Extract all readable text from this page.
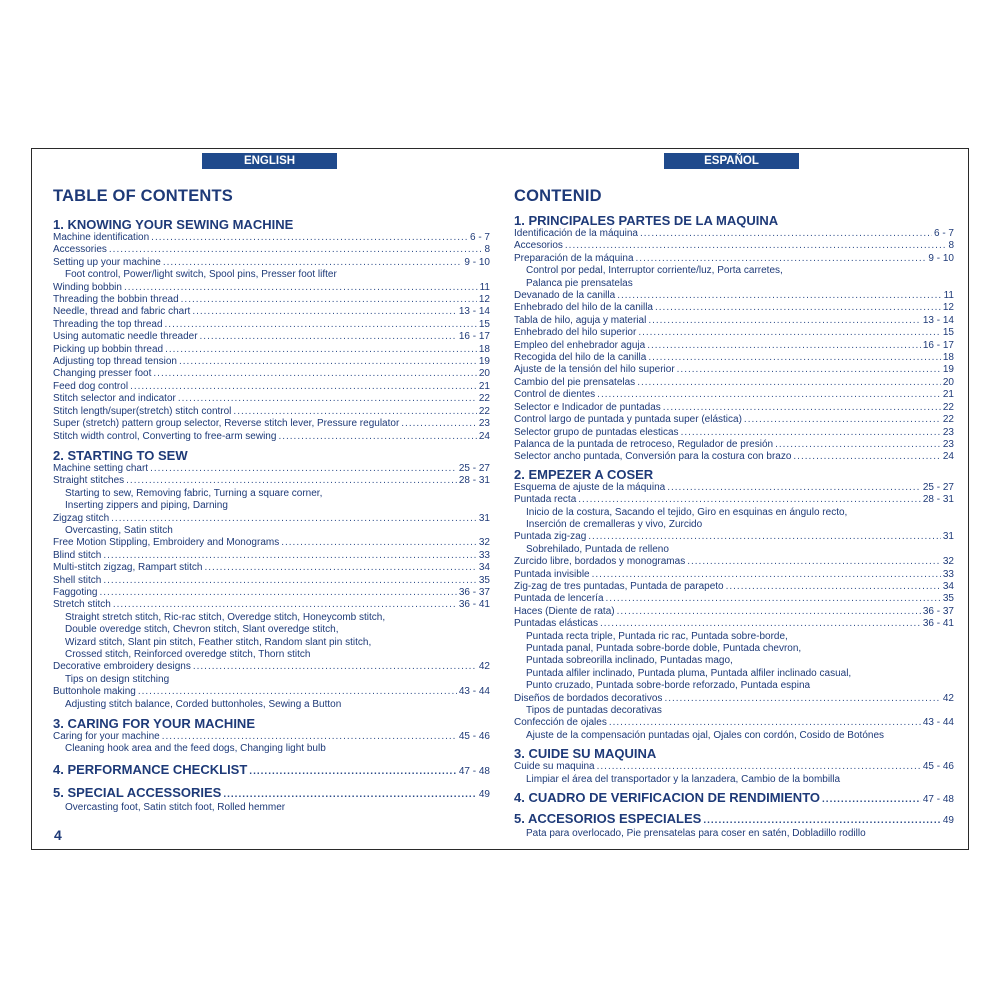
ENGLISH	ESPAÑOL
TABLE OF CONTENTS	CONTENID
1. KNOWING YOUR SEWING MACHINE
Machine identification .....	6 - 7
Accessories .....	8
Setting up your machine .....	9 - 10
Foot control, Power/light switch, Spool pins, Presser foot lifter
Winding bobbin .....	11
Threading the bobbin thread .....	12
Needle, thread and fabric chart .....	13 - 14
Threading the top thread .....	15
Using automatic needle threader .....	16 - 17
Picking up bobbin thread .....	18
Adjusting top thread tension .....	19
Changing presser foot .....	20
Feed dog control .....	21
Stitch selector and indicator .....	22
Stitch length/super(stretch) stitch control .....	22
Super (stretch) pattern group selector, Reverse stitch lever, Pressure regulator .....	23
Stitch width control, Converting to free-arm sewing .....	24
2. STARTING TO SEW
Machine setting chart .....	25 - 27
Straight stitches .....	28 - 31
Starting to sew, Removing fabric, Turning a square corner,
Inserting zippers and piping, Darning
Zigzag stitch .....	31
Overcasting, Satin stitch
Free Motion Stippling, Embroidery and Monograms .....	32
Blind stitch .....	33
Multi-stitch zigzag, Rampart stitch .....	34
Shell stitch .....	35
Faggoting .....	36 - 37
Stretch stitch .....	36 - 41
Straight stretch stitch, Ric-rac stitch, Overedge stitch, Honeycomb stitch,
Double overedge stitch, Chevron stitch, Slant overedge stitch,
Wizard stitch, Slant pin stitch, Feather stitch, Random slant pin stitch,
Crossed stitch, Reinforced overedge stitch, Thorn stitch
Decorative embroidery designs .....	42
Tips on design stitching
Buttonhole making .....	43 - 44
Adjusting stitch balance, Corded buttonholes, Sewing a Button
3. CARING FOR YOUR MACHINE
Caring for your machine .....	45 - 46
Cleaning hook area and the feed dogs, Changing light bulb
4. PERFORMANCE CHECKLIST .....	47 - 48
5. SPECIAL ACCESSORIES .....	49
Overcasting foot, Satin stitch foot, Rolled hemmer
1. PRINCIPALES PARTES DE LA MAQUINA
Identificación de la máquina .....	6 - 7
Accesorios .....	8
Preparación de la máquina .....	9 - 10
Control por pedal, Interruptor corriente/luz, Porta carretes,
Palanca pie prensatelas
Devanado de la canilla .....	11
Enhebrado del hilo de la canilla .....	12
Tabla de hilo, aguja y material .....	13 - 14
Enhebrado del hilo superior .....	15
Empleo del enhebrador aguja .....	16 - 17
Recogida del hilo de la canilla .....	18
Ajuste de la tensión del hilo superior .....	19
Cambio del pie prensatelas .....	20
Control de dientes .....	21
Selector e Indicador de puntadas .....	22
Control largo de puntada y puntada super (elástica) .....	22
Selector grupo de puntadas elesticas .....	23
Palanca de la puntada de retroceso, Regulador de presión .....	23
Selector ancho puntada, Conversión para la costura con brazo .....	24
2. EMPEZER A COSER
Esquema de ajuste de la máquina .....	25 - 27
Puntada recta .....	28 - 31
Inicio de la costura, Sacando el tejido, Giro en esquinas en ángulo recto,
Inserción de cremalleras y vivo, Zurcido
Puntada zig-zag .....	31
Sobrehilado, Puntada de relleno
Zurcido libre, bordados y monogramas .....	32
Puntada invisible .....	33
Zig-zag de tres puntadas, Puntada de parapeto .....	34
Puntada de lencería .....	35
Haces (Diente de rata) .....	36 - 37
Puntadas elásticas .....	36 - 41
Puntada recta triple, Puntada ric rac, Puntada sobre-borde,
Puntada panal, Puntada sobre-borde doble, Puntada chevron,
Puntada sobreorilla inclinado, Puntadas mago,
Puntada alfiler inclinado, Puntada pluma, Puntada alfiler inclinado casual,
Punto cruzado, Puntada sobre-borde reforzado, Puntada espina
Diseños de bordados decorativos .....	42
Tipos de puntadas decorativas
Confección de ojales .....	43 - 44
Ajuste de la compensación puntadas ojal, Ojales con cordón, Cosido de Botónes
3. CUIDE SU MAQUINA
Cuide su maquina .....	45 - 46
Limpiar el área del transportador y la lanzadera, Cambio de la bombilla
4. CUADRO DE VERIFICACION DE RENDIMIENTO .....	47 - 48
5. ACCESORIOS ESPECIALES .....	49
Pata para overlocado, Pie prensatelas para coser en satén, Dobladillo rodillo
4
